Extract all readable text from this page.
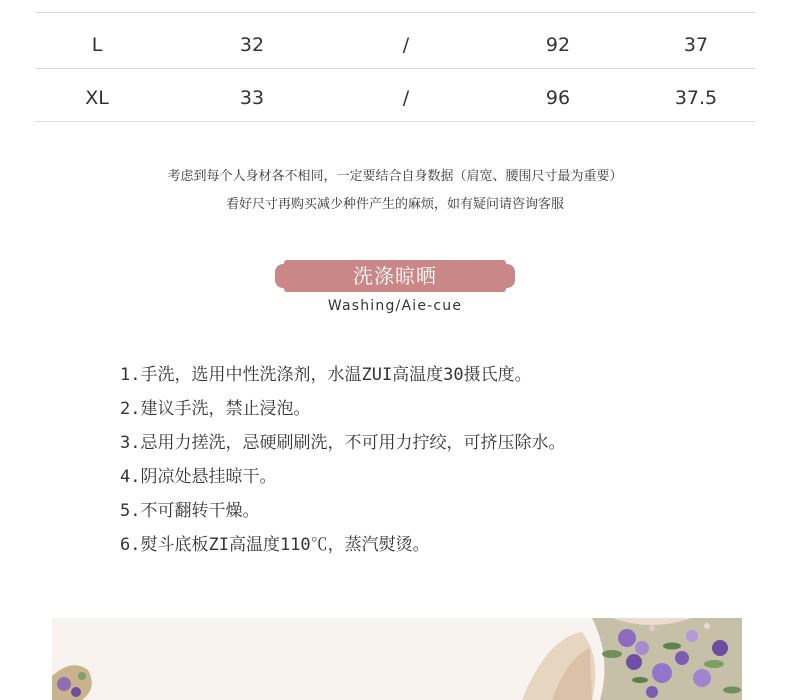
L	32	/	92	37
XL	33	/	96	37.5
考虑到每个人身材各不相同，一定要结合自身数据（肩宽、腰围尺寸最为重要）
看好尺寸再购买减少种件产生的麻烦，如有疑问请咨询客服
洗涤晾晒
Washing/Aie-cue
1.手洗，选用中性洗涤剂，水温ZUI高温度30摄氏度。
2.建议手洗，禁止浸泡。
3.忌用力搓洗，忌硬刷刷洗，不可用力拧绞，可挤压除水。
4.阴凉处悬挂晾干。
5.不可翻转干燥。
6.熨斗底板ZI高温度110℃，蒸汽熨烫。
